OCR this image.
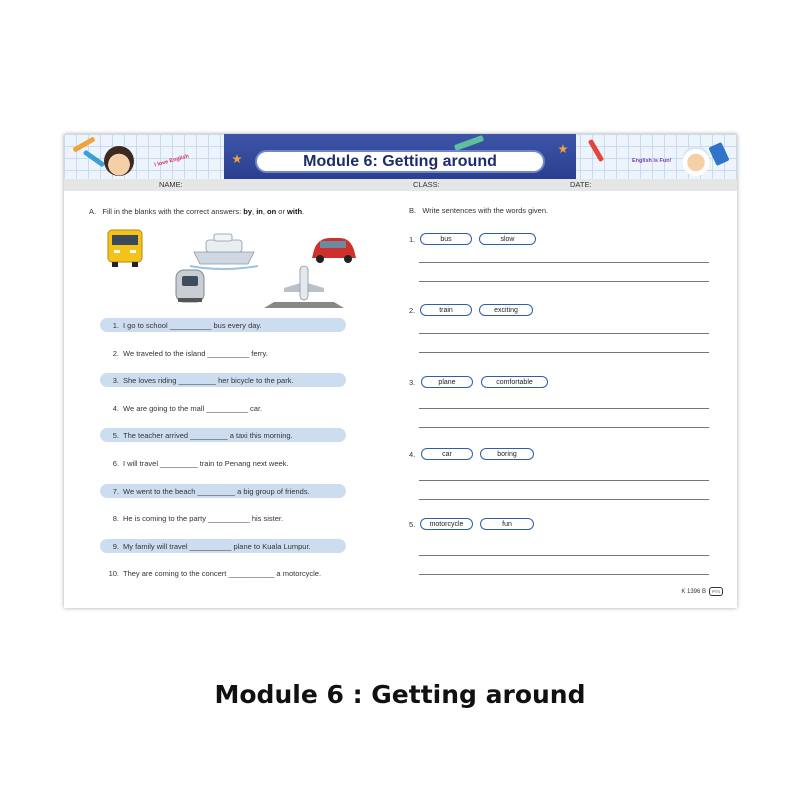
I love English	Module 6: Getting around	English is Fun!
NAME:	CLASS:	DATE:
A. Fill in the blanks with the correct answers: by, in, on or with.
1. I go to school __________ bus every day.
2. We traveled to the island __________ ferry.
3. She loves riding _________ her bicycle to the park.
4. We are going to the mall __________ car.
5. The teacher arrived _________ a taxi this morning.
6. I will travel _________ train to Penang next week.
7. We went to the beach _________ a big group of friends.
8. He is coming to the party __________ his sister.
9. My family will travel __________ plane to Kuala Lumpur.
10. They are coming to the concert ___________ a motorcycle.
B. Write sentences with the words given.
1.	bus	slow
2.	train	exciting
3.	plane	comfortable
4.	car	boring
5.	motorcycle	fun
K 1396 B	PTS
Module 6 : Getting around
